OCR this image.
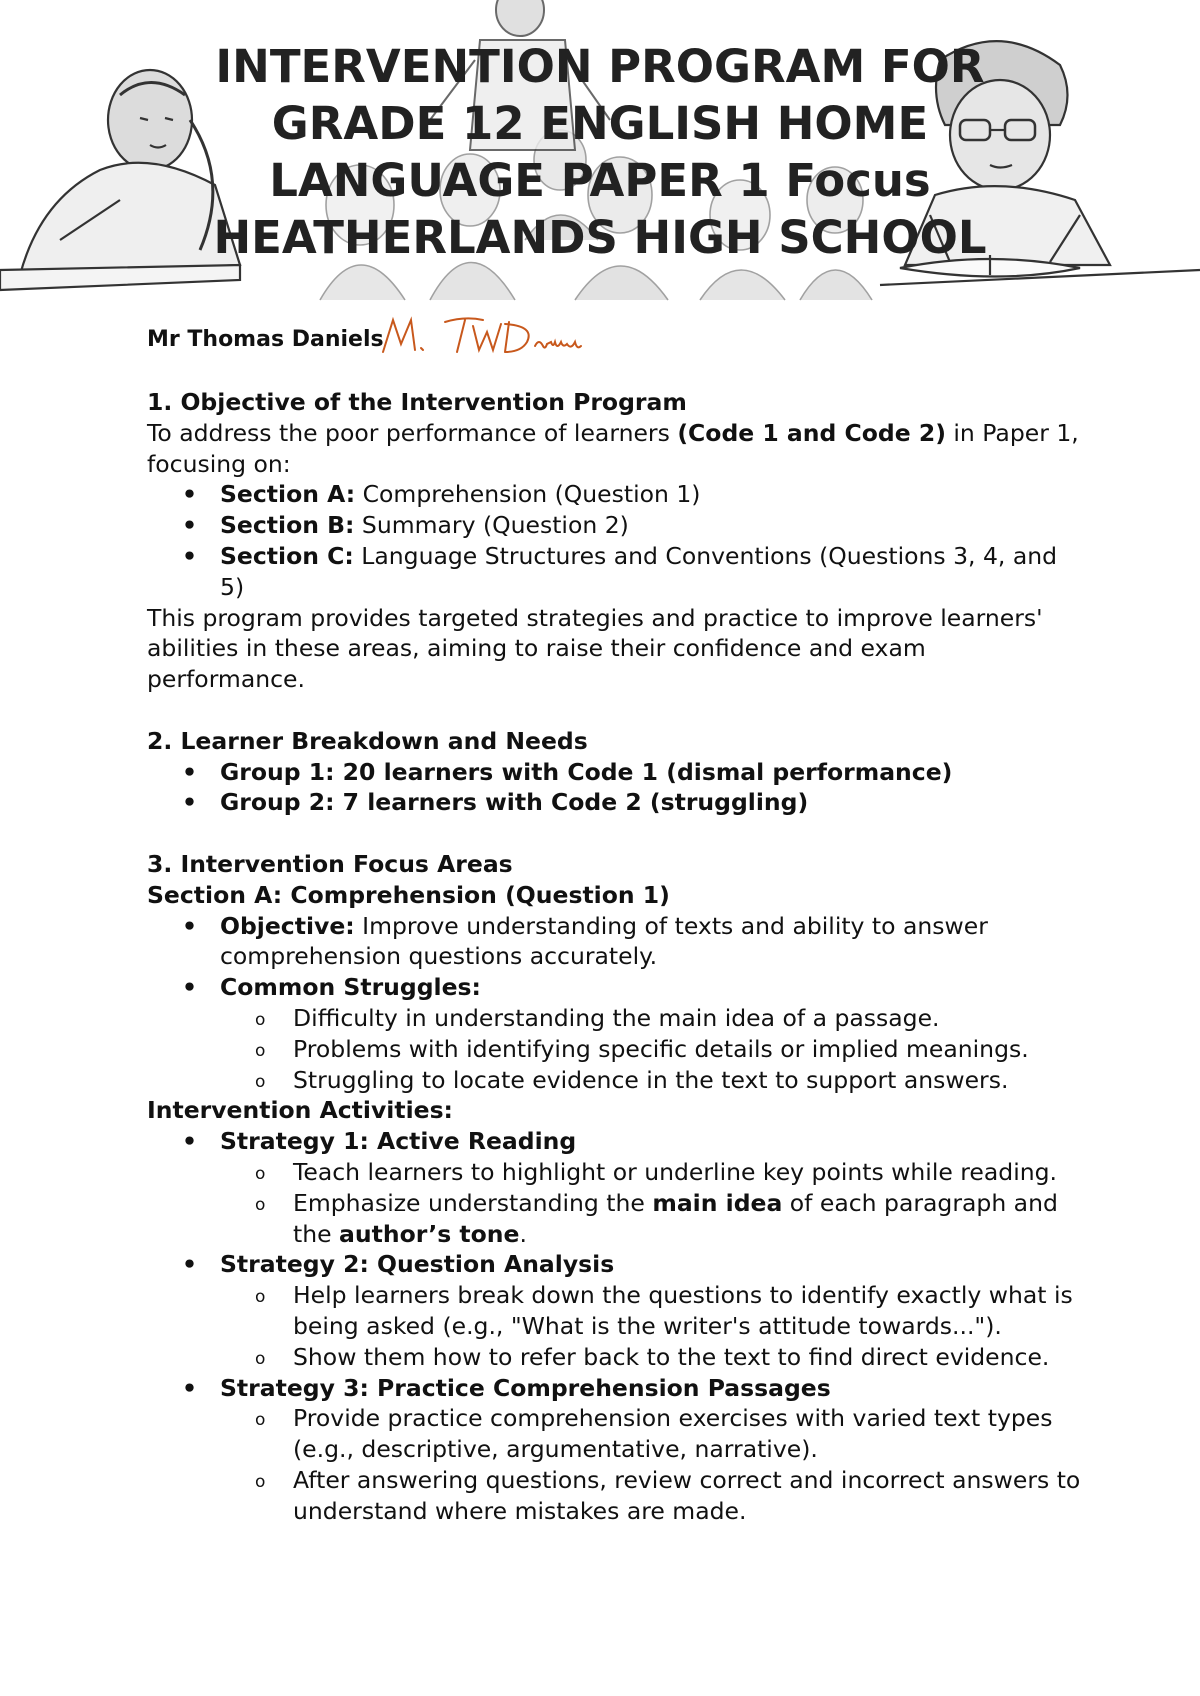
INTERVENTION PROGRAM FOR
GRADE 12 ENGLISH HOME
LANGUAGE PAPER 1 Focus
HEATHERLANDS HIGH SCHOOL
Mr Thomas Daniels

1. Objective of the Intervention Program

To address the poor performance of learners (Code 1 and Code 2) in Paper 1, focusing on:

• Section A: Comprehension (Question 1)
• Section B: Summary (Question 2)
• Section C: Language Structures and Conventions (Questions 3, 4, and 5)

This program provides targeted strategies and practice to improve learners' abilities in these areas, aiming to raise their confidence and exam performance.

2. Learner Breakdown and Needs

• Group 1: 20 learners with Code 1 (dismal performance)
• Group 2: 7 learners with Code 2 (struggling)

3. Intervention Focus Areas

Section A: Comprehension (Question 1)

• Objective: Improve understanding of texts and ability to answer comprehension questions accurately.
• Common Struggles:
o Difficulty in understanding the main idea of a passage.
o Problems with identifying specific details or implied meanings.
o Struggling to locate evidence in the text to support answers.

Intervention Activities:

• Strategy 1: Active Reading
o Teach learners to highlight or underline key points while reading.
o Emphasize understanding the main idea of each paragraph and the author’s tone.
• Strategy 2: Question Analysis
o Help learners break down the questions to identify exactly what is being asked (e.g., "What is the writer's attitude towards...").
o Show them how to refer back to the text to find direct evidence.
• Strategy 3: Practice Comprehension Passages
o Provide practice comprehension exercises with varied text types (e.g., descriptive, argumentative, narrative).
o After answering questions, review correct and incorrect answers to understand where mistakes are made.
